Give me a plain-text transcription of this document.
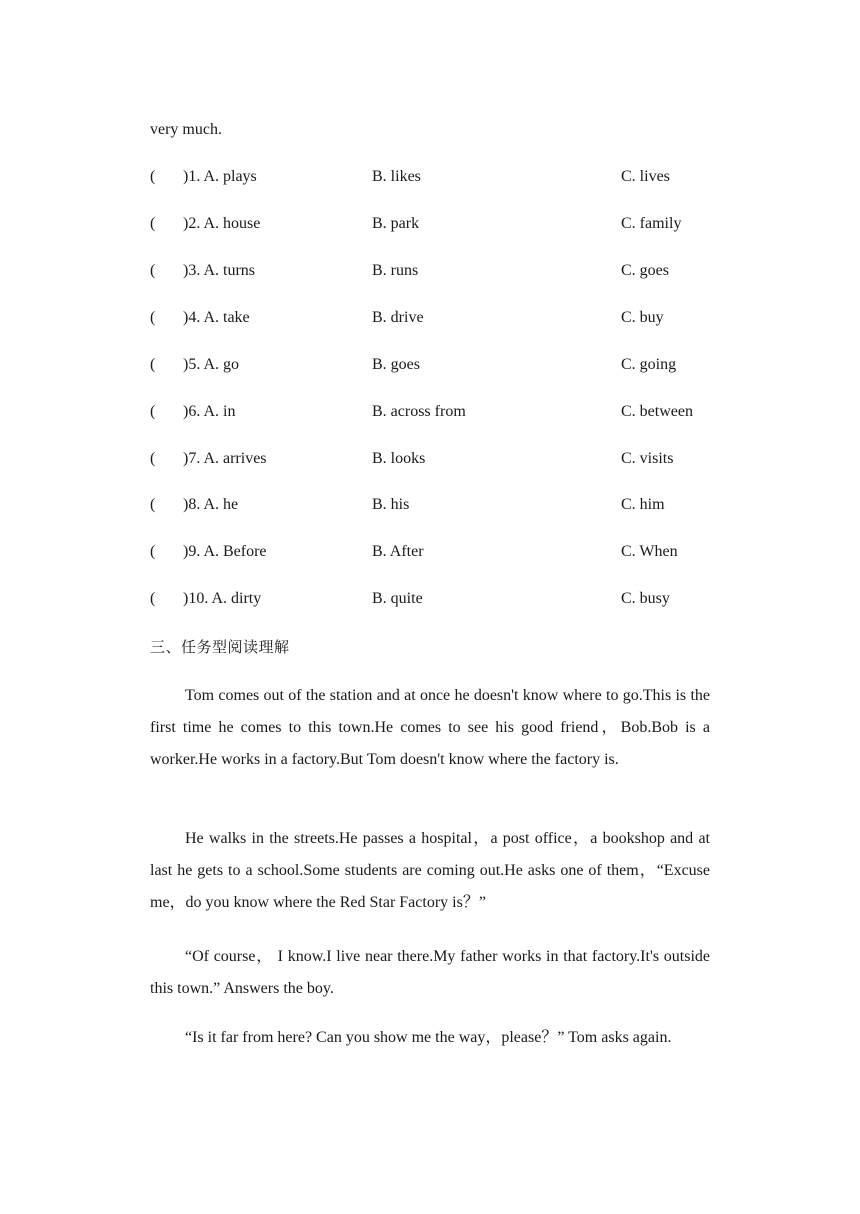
very much.
( )1. A. plays	B. likes	C. lives
( )2. A. house	B. park	C. family
( )3. A. turns	B. runs	C. goes
( )4. A. take	B. drive	C. buy
( )5. A. go	B. goes	C. going
( )6. A. in	B. across from	C. between
( )7. A. arrives	B. looks	C. visits
( )8. A. he	B. his	C. him
( )9. A. Before	B. After	C. When
( )10. A. dirty	B. quite	C. busy
三、任务型阅读理解
Tom comes out of the station and at once he doesn't know where to go.This is the first time he comes to this town.He comes to see his good friend，Bob.Bob is a worker.He works in a factory.But Tom doesn't know where the factory is.
He walks in the streets.He passes a hospital，a post office，a bookshop and at last he gets to a school.Some students are coming out.He asks one of them，“Excuse me，do you know where the Red Star Factory is？”
“Of course， I know.I live near there.My father works in that factory.It's outside this town.” Answers the boy.
“Is it far from here? Can you show me the way，please？” Tom asks again.
